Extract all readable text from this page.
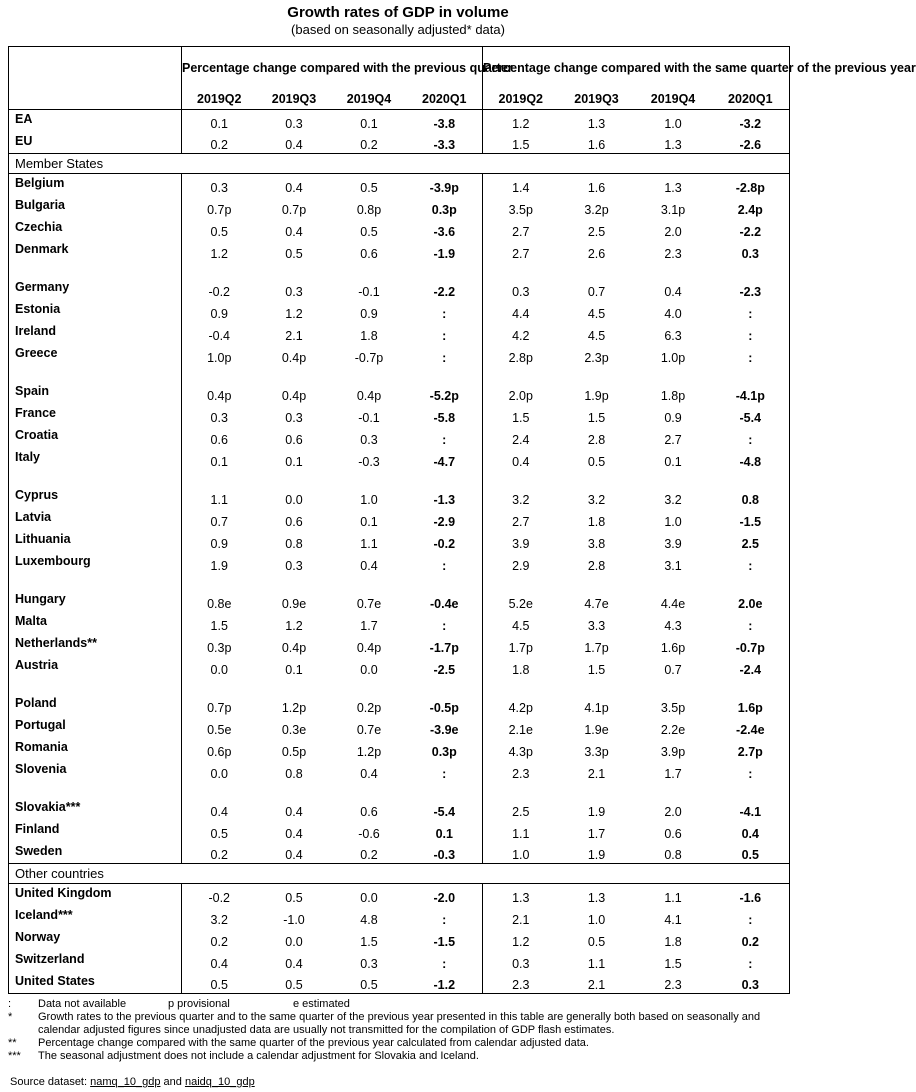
Growth rates of GDP in volume
(based on seasonally adjusted* data)
	Percentage change compared with the previous quarter				Percentage change compared with the same quarter of the previous year			
	2019Q2	2019Q3	2019Q4	2020Q1	2019Q2	2019Q3	2019Q4	2020Q1
EA	0.1	0.3	0.1	-3.8	1.2	1.3	1.0	-3.2
EU	0.2	0.4	0.2	-3.3	1.5	1.6	1.3	-2.6
Member States								
Belgium	0.3	0.4	0.5	-3.9p	1.4	1.6	1.3	-2.8p
Bulgaria	0.7p	0.7p	0.8p	0.3p	3.5p	3.2p	3.1p	2.4p
Czechia	0.5	0.4	0.5	-3.6	2.7	2.5	2.0	-2.2
Denmark	1.2	0.5	0.6	-1.9	2.7	2.6	2.3	0.3

Germany	-0.2	0.3	-0.1	-2.2	0.3	0.7	0.4	-2.3
Estonia	0.9	1.2	0.9	:	4.4	4.5	4.0	:
Ireland	-0.4	2.1	1.8	:	4.2	4.5	6.3	:
Greece	1.0p	0.4p	-0.7p	:	2.8p	2.3p	1.0p	:

Spain	0.4p	0.4p	0.4p	-5.2p	2.0p	1.9p	1.8p	-4.1p
France	0.3	0.3	-0.1	-5.8	1.5	1.5	0.9	-5.4
Croatia	0.6	0.6	0.3	:	2.4	2.8	2.7	:
Italy	0.1	0.1	-0.3	-4.7	0.4	0.5	0.1	-4.8

Cyprus	1.1	0.0	1.0	-1.3	3.2	3.2	3.2	0.8
Latvia	0.7	0.6	0.1	-2.9	2.7	1.8	1.0	-1.5
Lithuania	0.9	0.8	1.1	-0.2	3.9	3.8	3.9	2.5
Luxembourg	1.9	0.3	0.4	:	2.9	2.8	3.1	:

Hungary	0.8e	0.9e	0.7e	-0.4e	5.2e	4.7e	4.4e	2.0e
Malta	1.5	1.2	1.7	:	4.5	3.3	4.3	:
Netherlands**	0.3p	0.4p	0.4p	-1.7p	1.7p	1.7p	1.6p	-0.7p
Austria	0.0	0.1	0.0	-2.5	1.8	1.5	0.7	-2.4

Poland	0.7p	1.2p	0.2p	-0.5p	4.2p	4.1p	3.5p	1.6p
Portugal	0.5e	0.3e	0.7e	-3.9e	2.1e	1.9e	2.2e	-2.4e
Romania	0.6p	0.5p	1.2p	0.3p	4.3p	3.3p	3.9p	2.7p
Slovenia	0.0	0.8	0.4	:	2.3	2.1	1.7	:

Slovakia***	0.4	0.4	0.6	-5.4	2.5	1.9	2.0	-4.1
Finland	0.5	0.4	-0.6	0.1	1.1	1.7	0.6	0.4
Sweden	0.2	0.4	0.2	-0.3	1.0	1.9	0.8	0.5
Other countries								
United Kingdom	-0.2	0.5	0.0	-2.0	1.3	1.3	1.1	-1.6
Iceland***	3.2	-1.0	4.8	:	2.1	1.0	4.1	:
Norway	0.2	0.0	1.5	-1.5	1.2	0.5	1.8	0.2
Switzerland	0.4	0.4	0.3	:	0.3	1.1	1.5	:
United States	0.5	0.5	0.5	-1.2	2.3	2.1	2.3	0.3
:	Data not available	p provisional	e estimated
*	Growth rates to the previous quarter and to the same quarter of the previous year presented in this table are generally both based on seasonally and calendar adjusted figures since unadjusted data are usually not transmitted for the compilation of GDP flash estimates.
**	Percentage change compared with the same quarter of the previous year calculated from calendar adjusted data.
***	The seasonal adjustment does not include a calendar adjustment for Slovakia and Iceland.
Source dataset: namq_10_gdp and naidq_10_gdp
